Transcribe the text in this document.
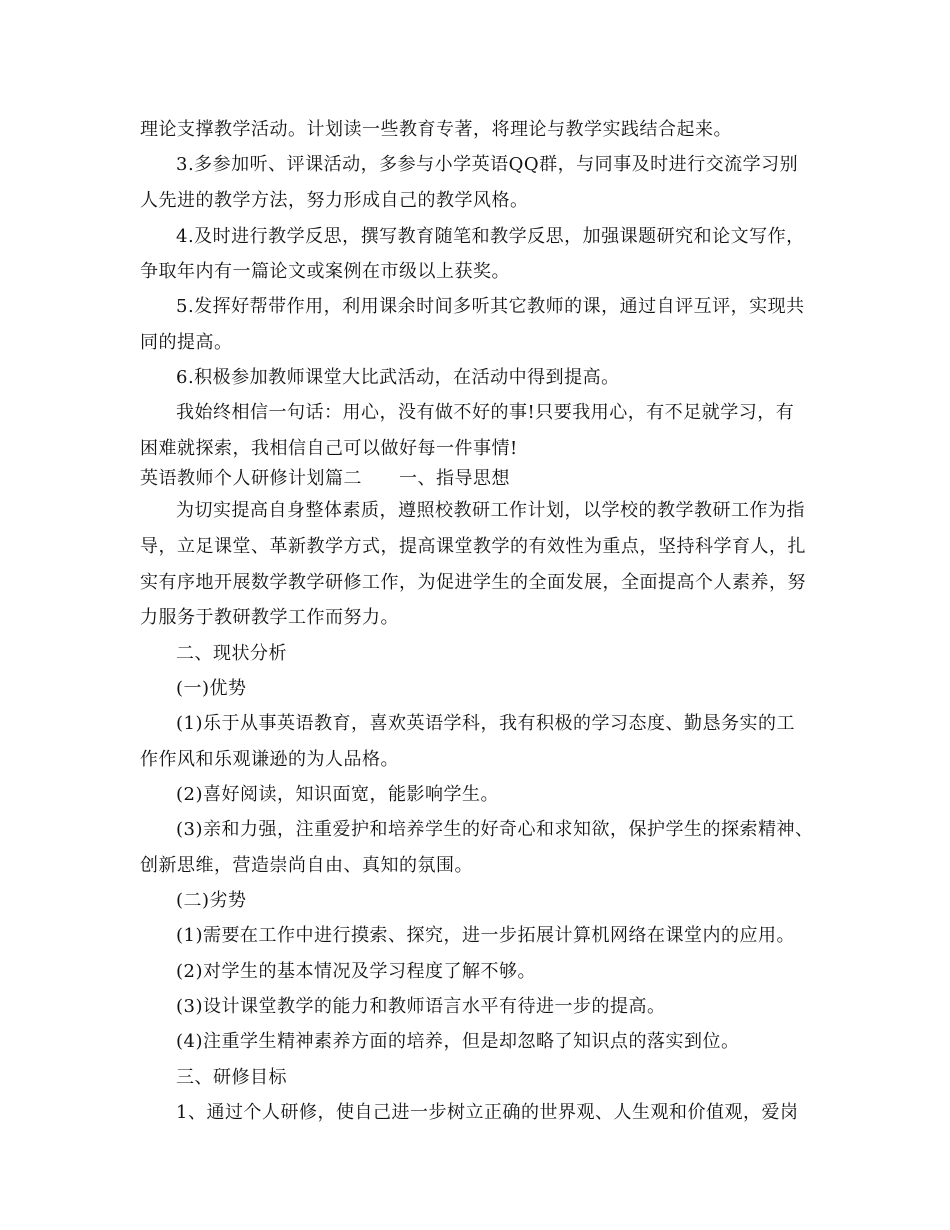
理论支撑教学活动。计划读一些教育专著，将理论与教学实践结合起来。
3.多参加听、评课活动，多参与小学英语QQ群，与同事及时进行交流学习别
人先进的教学方法，努力形成自己的教学风格。
4.及时进行教学反思，撰写教育随笔和教学反思，加强课题研究和论文写作，
争取年内有一篇论文或案例在市级以上获奖。
5.发挥好帮带作用，利用课余时间多听其它教师的课，通过自评互评，实现共
同的提高。
6.积极参加教师课堂大比武活动，在活动中得到提高。
我始终相信一句话：用心，没有做不好的事!只要我用心，有不足就学习，有
困难就探索，我相信自己可以做好每一件事情!
英语教师个人研修计划篇二　　一、指导思想
为切实提高自身整体素质，遵照校教研工作计划，以学校的教学教研工作为指
导，立足课堂、革新教学方式，提高课堂教学的有效性为重点，坚持科学育人，扎
实有序地开展数学教学研修工作，为促进学生的全面发展，全面提高个人素养，努
力服务于教研教学工作而努力。
二、现状分析
(一)优势
(1)乐于从事英语教育，喜欢英语学科，我有积极的学习态度、勤恳务实的工
作作风和乐观谦逊的为人品格。
(2)喜好阅读，知识面宽，能影响学生。
(3)亲和力强，注重爱护和培养学生的好奇心和求知欲，保护学生的探索精神、
创新思维，营造崇尚自由、真知的氛围。
(二)劣势
(1)需要在工作中进行摸索、探究，进一步拓展计算机网络在课堂内的应用。
(2)对学生的基本情况及学习程度了解不够。
(3)设计课堂教学的能力和教师语言水平有待进一步的提高。
(4)注重学生精神素养方面的培养，但是却忽略了知识点的落实到位。
三、研修目标
1、通过个人研修，使自己进一步树立正确的世界观、人生观和价值观，爱岗
